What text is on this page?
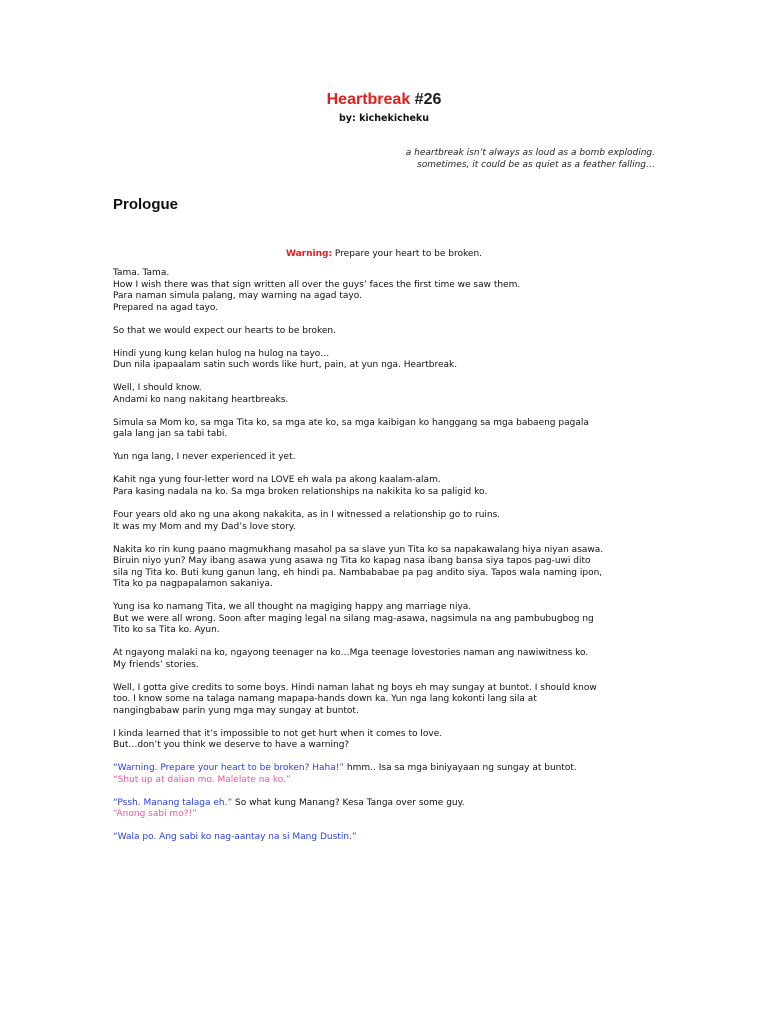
Heartbreak #26
by: kichekicheku
a heartbreak isn’t always as loud as a bomb exploding.
sometimes, it could be as quiet as a feather falling…
Prologue
Warning: Prepare your heart to be broken.
Tama. Tama.
How I wish there was that sign written all over the guys’ faces the first time we saw them.
Para naman simula palang, may warning na agad tayo.
Prepared na agad tayo.
So that we would expect our hearts to be broken.
Hindi yung kung kelan hulog na hulog na tayo…
Dun nila ipapaalam satin such words like hurt, pain, at yun nga. Heartbreak.
Well, I should know.
Andami ko nang nakitang heartbreaks.
Simula sa Mom ko, sa mga Tita ko, sa mga ate ko, sa mga kaibigan ko hanggang sa mga babaeng pagala
gala lang jan sa tabi tabi.
Yun nga lang, I never experienced it yet.
Kahit nga yung four-letter word na LOVE eh wala pa akong kaalam-alam.
Para kasing nadala na ko. Sa mga broken relationships na nakikita ko sa paligid ko.
Four years old ako ng una akong nakakita, as in I witnessed a relationship go to ruins.
It was my Mom and my Dad’s love story.
Nakita ko rin kung paano magmukhang masahol pa sa slave yun Tita ko sa napakawalang hiya niyan asawa.
Biruin niyo yun? May ibang asawa yung asawa ng Tita ko kapag nasa ibang bansa siya tapos pag-uwi dito
sila ng Tita ko. Buti kung ganun lang, eh hindi pa. Nambababae pa pag andito siya. Tapos wala naming ipon,
Tita ko pa nagpapalamon sakaniya.
Yung isa ko namang Tita, we all thought na magiging happy ang marriage niya.
But we were all wrong. Soon after maging legal na silang mag-asawa, nagsimula na ang pambubugbog ng
Tito ko sa Tita ko. Ayun.
At ngayong malaki na ko, ngayong teenager na ko…Mga teenage lovestories naman ang nawiwitness ko.
My friends’ stories.
Well, I gotta give credits to some boys. Hindi naman lahat ng boys eh may sungay at buntot. I should know
too. I know some na talaga namang mapapa-hands down ka. Yun nga lang kokonti lang sila at
nangingbabaw parin yung mga may sungay at buntot.
I kinda learned that it’s impossible to not get hurt when it comes to love.
But…don’t you think we deserve to have a warning?
“Warning. Prepare your heart to be broken? Haha!” hmm.. Isa sa mga biniyayaan ng sungay at buntot.
“Shut up at dalian mo. Malelate na ko.”
“Pssh. Manang talaga eh.” So what kung Manang? Kesa Tanga over some guy.
“Anong sabi mo?!”
“Wala po. Ang sabi ko nag-aantay na si Mang Dustin.”
